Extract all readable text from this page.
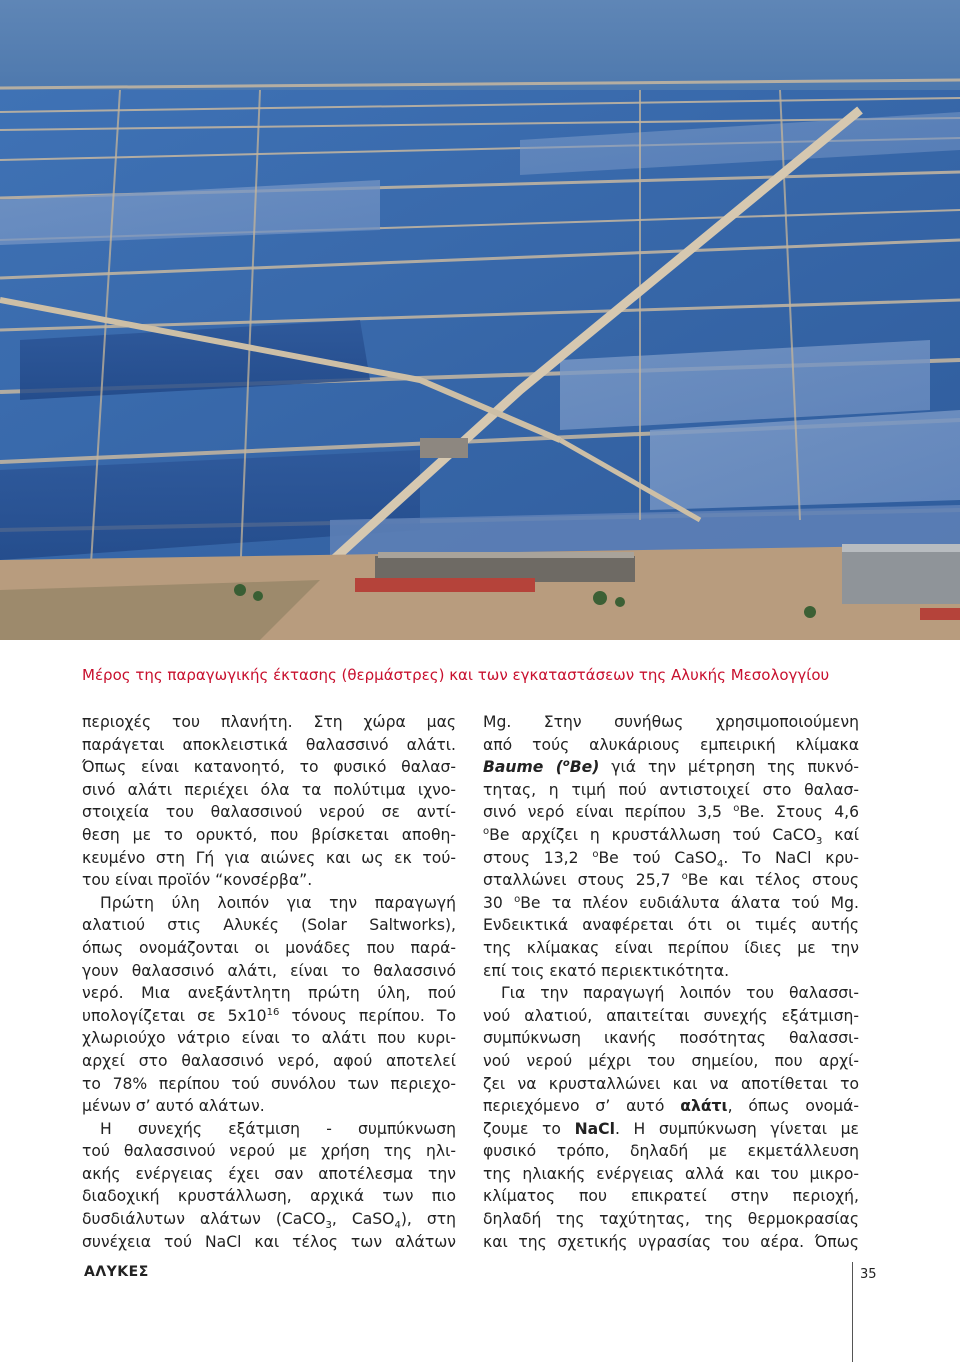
Μέρος της παραγωγικής έκτασης (θερμάστρες) και των εγκαταστάσεων της Αλυκής Μεσολογγίου
περιοχές του πλανήτη. Στη χώρα μας
παράγεται αποκλειστικά θαλασσινό αλάτι.
Όπως είναι κατανοητό, το φυσικό θαλασ-
σινό αλάτι περιέχει όλα τα πολύτιμα ιχνο-
στοιχεία του θαλασσινού νερού σε αντί-
θεση με το ορυκτό, που βρίσκεται αποθη-
κευμένο στη Γή για αιώνες και ως εκ τού-
του είναι προϊόν “κονσέρβα”.
Πρώτη ύλη λοιπόν για την παραγωγή
αλατιού στις Αλυκές (Solar Saltworks),
όπως ονομάζονται οι μονάδες που παρά-
γουν θαλασσινό αλάτι, είναι το θαλασσινό
νερό. Μια ανεξάντλητη πρώτη ύλη, πού
υπολογίζεται σε $5x10^{16}$ τόνους περίπου. Το
χλωριούχο νάτριο είναι το αλάτι που κυρι-
αρχεί στο θαλασσινό νερό, αφού αποτελεί
το 78% περίπου τού συνόλου των περιεχο-
μένων σ’ αυτό αλάτων.
Η συνεχής εξάτμιση - συμπύκνωση
τού θαλασσινού νερού με χρήση της ηλι-
ακής ενέργειας έχει σαν αποτέλεσμα την
διαδοχική κρυστάλλωση, αρχικά των πιο
δυσδιάλυτων αλάτων (CaCO$_3$, CaSO$_4$), στη
συνέχεια τού NaCl και τέλος των αλάτων
Mg. Στην συνήθως χρησιμοποιούμενη
από τούς αλυκάριους εμπειρική κλίμακα
Baume ($^o$Be) γιά την μέτρηση της πυκνό-
τητας, η τιμή πού αντιστοιχεί στο θαλασ-
σινό νερό είναι περίπου 3,5 $^o$Be. Στους 4,6
$^o$Be αρχίζει η κρυστάλλωση τού CaCO$_3$ καί
στους 13,2 $^o$Be τού CaSO$_4$. Το NaCl κρυ-
σταλλώνει στους 25,7 $^o$Be και τέλος στους
30 $^o$Be τα πλέον ευδιάλυτα άλατα τού Mg.
Ενδεικτικά αναφέρεται ότι οι τιμές αυτής
της κλίμακας είναι περίπου ίδιες με την
επί τοις εκατό περιεκτικότητα.
Για την παραγωγή λοιπόν του θαλασσι-
νού αλατιού, απαιτείται συνεχής εξάτμιση-
συμπύκνωση ικανής ποσότητας θαλασσι-
νού νερού μέχρι του σημείου, που αρχί-
ζει να κρυσταλλώνει και να αποτίθεται το
περιεχόμενο σ’ αυτό αλάτι, όπως ονομά-
ζουμε το NaCl. Η συμπύκνωση γίνεται με
φυσικό τρόπο, δηλαδή με εκμετάλλευση
της ηλιακής ενέργειας αλλά και του μικρο-
κλίματος που επικρατεί στην περιοχή,
δηλαδή της ταχύτητας, της θερμοκρασίας
και της σχετικής υγρασίας του αέρα. Όπως
ΑΛΥΚΕΣ	35
